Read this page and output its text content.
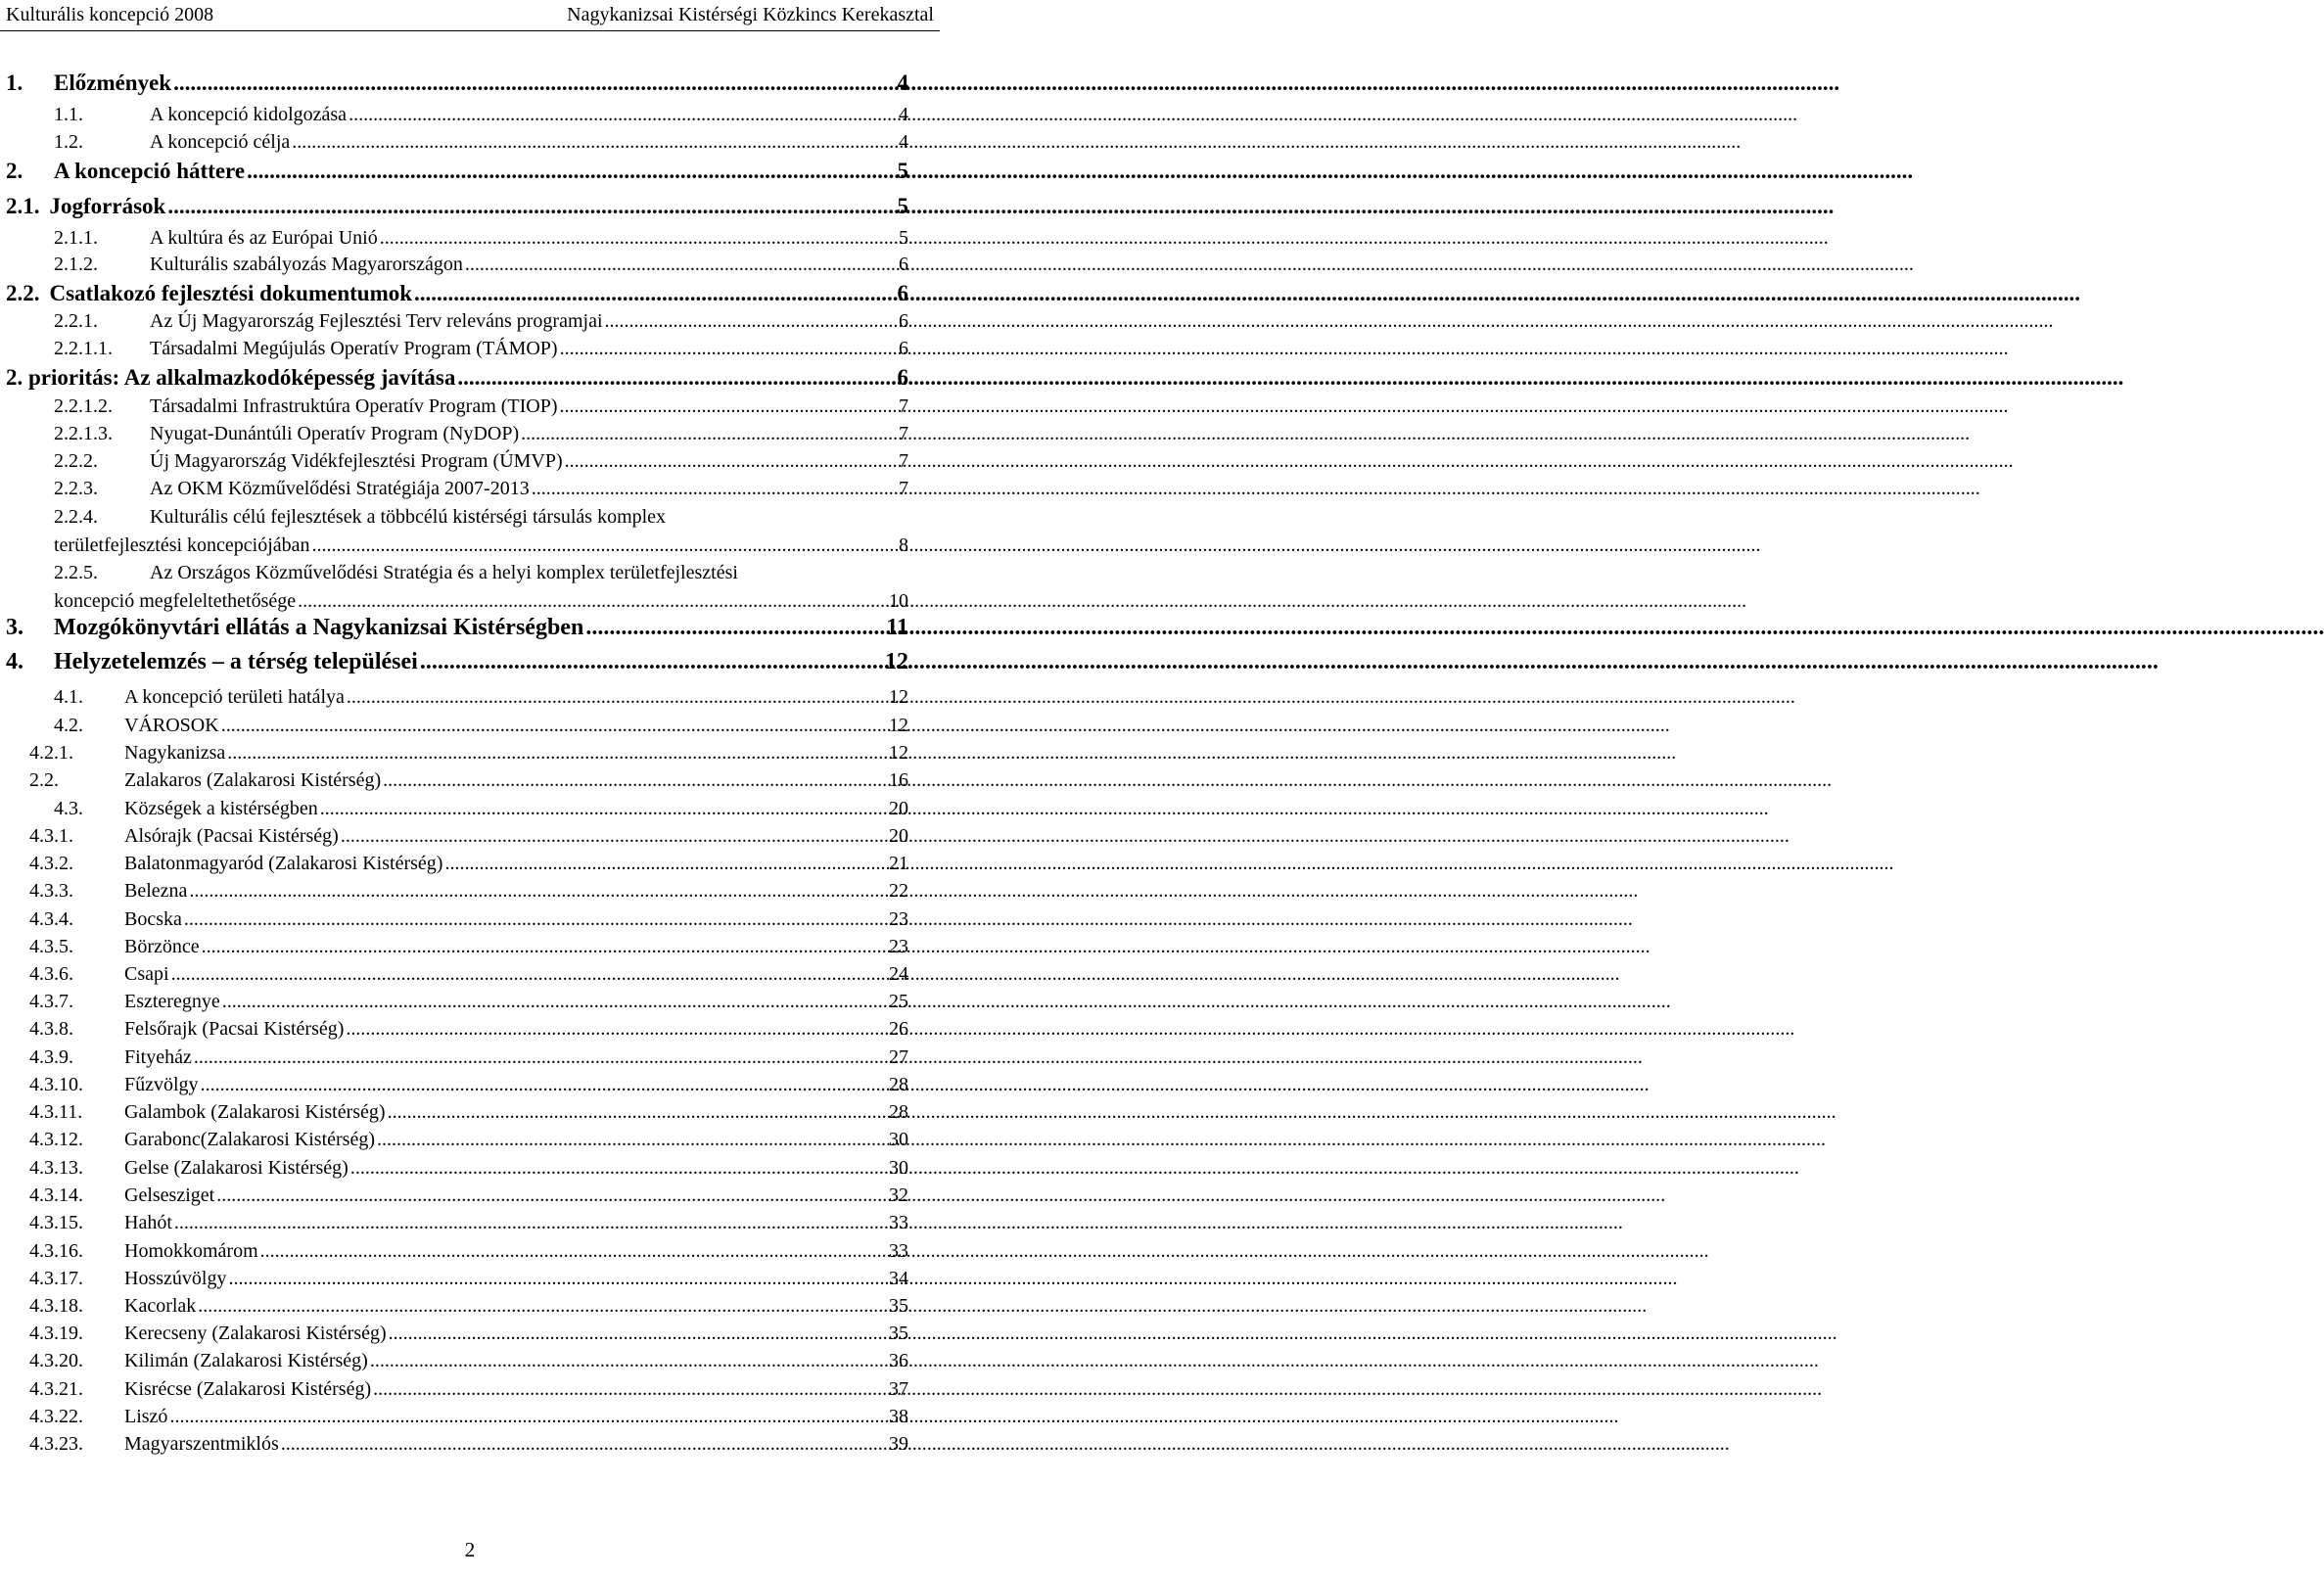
Kulturális koncepció 2008	Nagykanizsai Kistérségi Közkincs Kerekasztal
1. Előzmények .....	4
1.1.	A koncepció kidolgozása .....	4
1.2.	A koncepció célja .....	4
2. A koncepció háttere .....	5
2.1. Jogforrások .....	5
2.1.1.	A kultúra és az Európai Unió .....	5
2.1.2.	Kulturális szabályozás Magyarországon .....	6
2.2. Csatlakozó fejlesztési dokumentumok .....	6
2.2.1.	Az Új Magyarország Fejlesztési Terv releváns programjai .....	6
2.2.1.1. Társadalmi Megújulás Operatív Program (TÁMOP) .....	6
2. prioritás: Az alkalmazkodóképesség javítása .....	6
2.2.1.2. Társadalmi Infrastruktúra Operatív Program (TIOP) .....	7
2.2.1.3. Nyugat-Dunántúli Operatív Program (NyDOP) .....	7
2.2.2.	Új Magyarország Vidékfejlesztési Program (ÚMVP) .....	7
2.2.3.	Az OKM Közművelődési Stratégiája 2007-2013 .....	7
2.2.4.	Kulturális célú fejlesztések a többcélú kistérségi társulás komplex
területfejlesztési koncepciójában .....	8
2.2.5.	Az Országos Közművelődési Stratégia és a helyi komplex területfejlesztési
koncepció megfeleltethetősége .....	10
3. Mozgókönyvtári ellátás a Nagykanizsai Kistérségben .....	11
4. Helyzetelemzés – a térség települései .....	12
4.1. A koncepció területi hatálya .....	12
4.2. VÁROSOK .....	12
4.2.1.	Nagykanizsa .....	12
2.2.	Zalakaros (Zalakarosi Kistérség) .....	16
4.3. Községek a kistérségben .....	20
4.3.1.	Alsórajk (Pacsai Kistérség) .....	20
4.3.2.	Balatonmagyaród (Zalakarosi Kistérség) .....	21
4.3.3.	Belezna .....	22
4.3.4.	Bocska .....	23
4.3.5.	Börzönce .....	23
4.3.6.	Csapi .....	24
4.3.7.	Eszteregnye .....	25
4.3.8.	Felsőrajk (Pacsai Kistérség) .....	26
4.3.9.	Fityeház .....	27
4.3.10. Fűzvölgy .....	28
4.3.11. Galambok (Zalakarosi Kistérség) .....	28
4.3.12. Garabonc(Zalakarosi Kistérség) .....	30
4.3.13. Gelse (Zalakarosi Kistérség) .....	30
4.3.14. Gelsesziget .....	32
4.3.15. Hahót .....	33
4.3.16. Homokkomárom .....	33
4.3.17. Hosszúvölgy .....	34
4.3.18. Kacorlak .....	35
4.3.19. Kerecseny (Zalakarosi Kistérség) .....	35
4.3.20. Kilimán (Zalakarosi Kistérség) .....	36
4.3.21. Kisrécse (Zalakarosi Kistérség) .....	37
4.3.22. Liszó .....	38
4.3.23. Magyarszentmiklós .....	39
2
